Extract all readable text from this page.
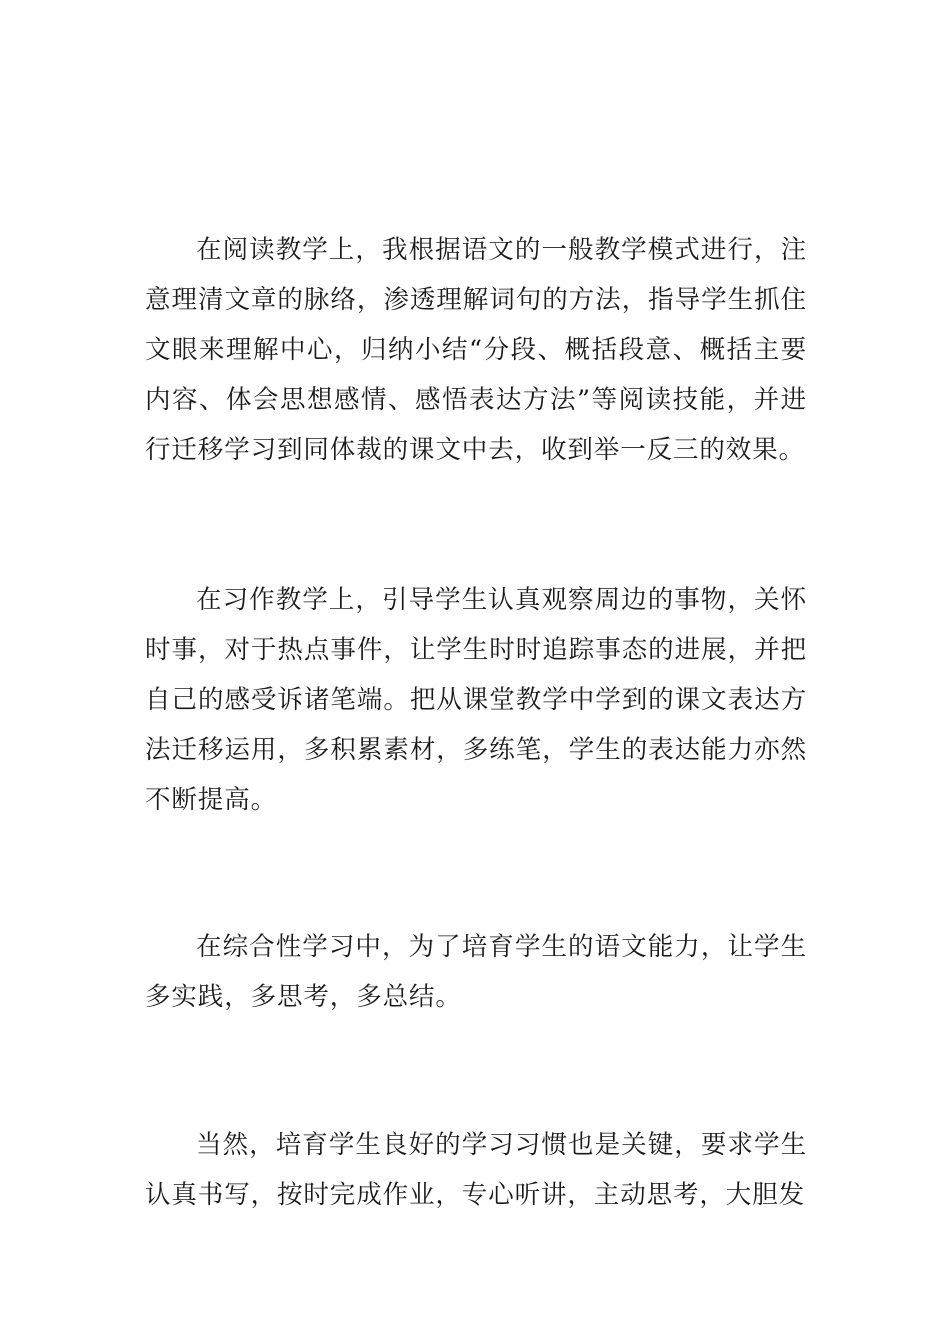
在阅读教学上，我根据语文的一般教学模式进行，注意理清文章的脉络，渗透理解词句的方法，指导学生抓住文眼来理解中心，归纳小结“分段、概括段意、概括主要内容、体会思想感情、感悟表达方法”等阅读技能，并进行迁移学习到同体裁的课文中去，收到举一反三的效果。

在习作教学上，引导学生认真观察周边的事物，关怀时事，对于热点事件，让学生时时追踪事态的进展，并把自己的感受诉诸笔端。把从课堂教学中学到的课文表达方法迁移运用，多积累素材，多练笔，学生的表达能力亦然不断提高。

在综合性学习中，为了培育学生的语文能力，让学生多实践，多思考，多总结。

当然，培育学生良好的学习习惯也是关键，要求学生认真书写，按时完成作业，专心听讲，主动思考，大胆发
